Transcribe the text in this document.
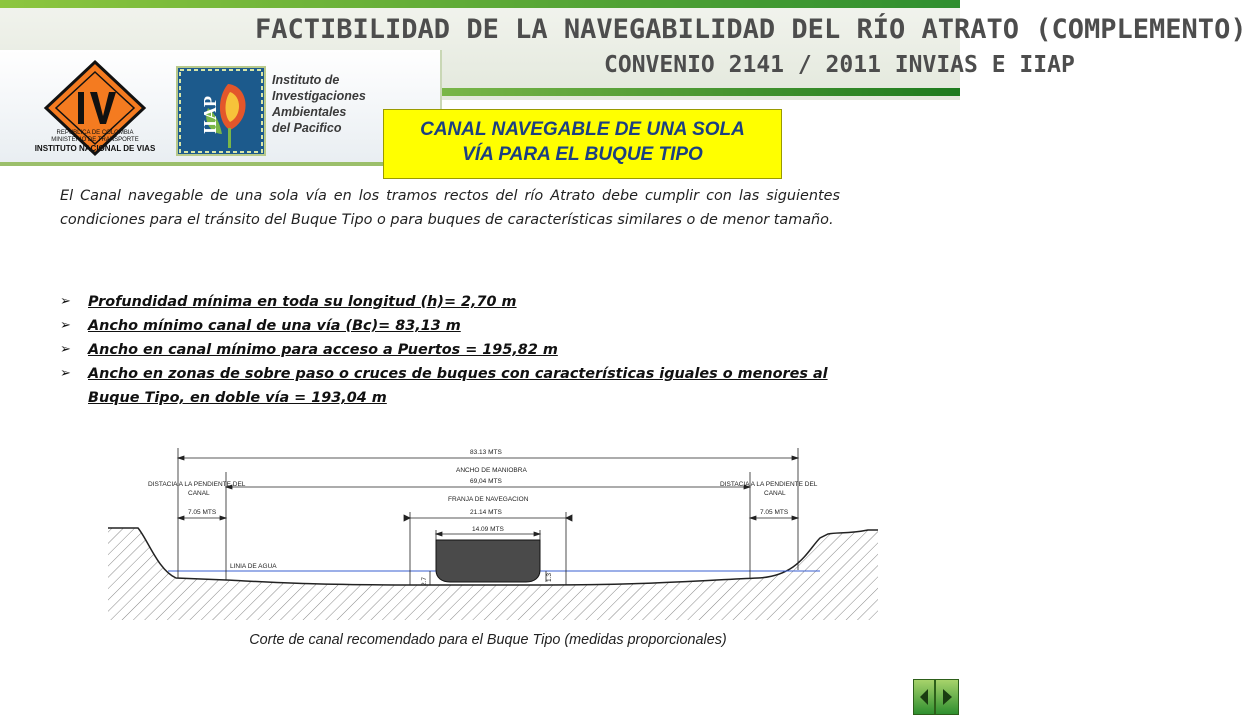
FACTIBILIDAD DE LA NAVEGABILIDAD DEL RÍO ATRATO (COMPLEMENTO)
CONVENIO 2141 / 2011 INVIAS E IIAP
REPUBLICA DE COLOMBIA
MINISTERIO DE TRANSPORTE
INSTITUTO NACIONAL DE VIAS
IIAP
Instituto de
Investigaciones
Ambientales
del Pacifico	CANAL NAVEGABLE DE UNA SOLA
VÍA PARA EL BUQUE TIPO
El Canal navegable de una sola vía en los tramos rectos del río Atrato debe cumplir con las siguientes condiciones para el tránsito del Buque Tipo o para buques de características similares o de menor tamaño.
➢ Profundidad mínima en toda su longitud (h)= 2,70 m
➢ Ancho mínimo canal de una vía (Bc)= 83,13 m
➢ Ancho en canal mínimo para acceso a Puertos = 195,82 m
➢ Ancho en zonas de sobre paso o cruces de buques con características iguales o menores al Buque Tipo, en doble vía = 193,04 m
LINIA DE AGUA
83.13 MTS
ANCHO DE MANIOBRA
69,04 MTS
FRANJA DE NAVEGACION
21.14 MTS
14.09 MTS
DISTACIA A LA PENDIENTE DEL
CANAL
7.05 MTS
DISTACIA A LA PENDIENTE DEL
CANAL
7.05 MTS
2.7	1.3
Corte de canal recomendado para el Buque Tipo (medidas proporcionales)
